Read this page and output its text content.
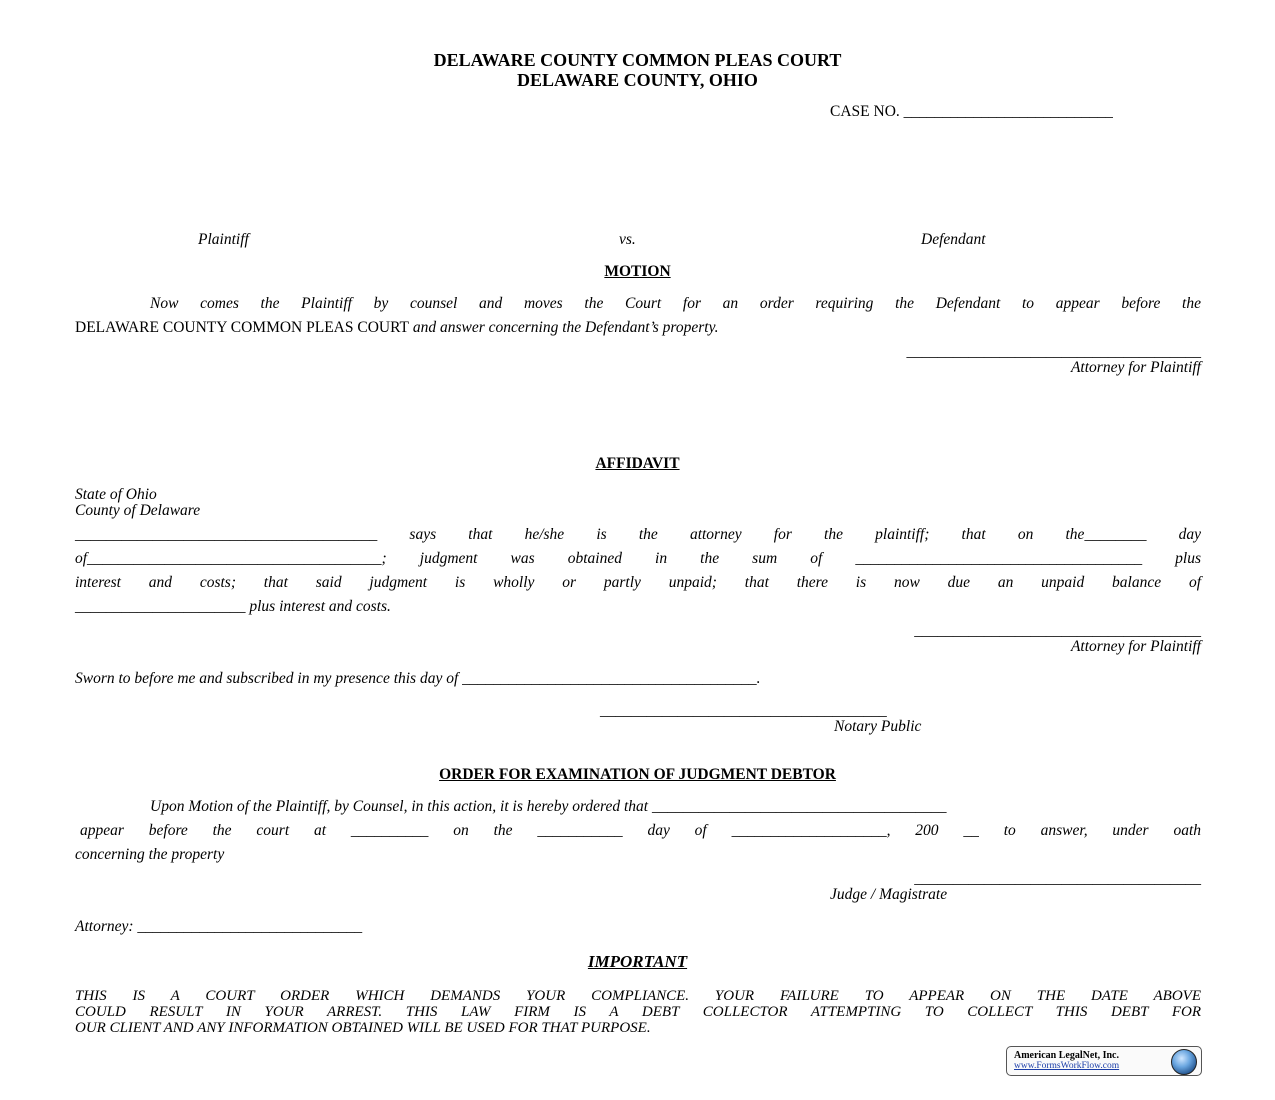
DELAWARE COUNTY COMMON PLEAS COURT
DELAWARE COUNTY, OHIO
CASE NO. ___________________________
Plaintiff	vs.	Defendant
MOTION
Now comes the Plaintiff by counsel and moves the Court for an order requiring the Defendant to appear before the
DELAWARE COUNTY COMMON PLEAS COURT and answer concerning the Defendant’s property.
______________________________________
Attorney for Plaintiff
AFFIDAVIT
State of Ohio
County of Delaware
_______________________________________ says that he/she is the attorney for the plaintiff; that on the________ day
of______________________________________; judgment was obtained in the sum of _____________________________________ plus
interest and costs; that said judgment is wholly or partly unpaid; that there is now due an unpaid balance of
______________________ plus interest and costs.
_____________________________________
Attorney for Plaintiff
Sworn to before me and subscribed in my presence this day of ______________________________________.
_____________________________________
Notary Public
ORDER FOR EXAMINATION OF JUDGMENT DEBTOR
Upon Motion of the Plaintiff, by Counsel, in this action, it is hereby ordered that ______________________________________
appear before the court at __________ on the ___________ day of ____________________, 200 __ to answer, under oath
concerning the property
_____________________________________
Judge / Magistrate
Attorney: _____________________________
IMPORTANT
THIS IS A COURT ORDER WHICH DEMANDS YOUR COMPLIANCE. YOUR FAILURE TO APPEAR ON THE DATE ABOVE
COULD RESULT IN YOUR ARREST. THIS LAW FIRM IS A DEBT COLLECTOR ATTEMPTING TO COLLECT THIS DEBT FOR
OUR CLIENT AND ANY INFORMATION OBTAINED WILL BE USED FOR THAT PURPOSE.
American LegalNet, Inc.
www.FormsWorkFlow.com
